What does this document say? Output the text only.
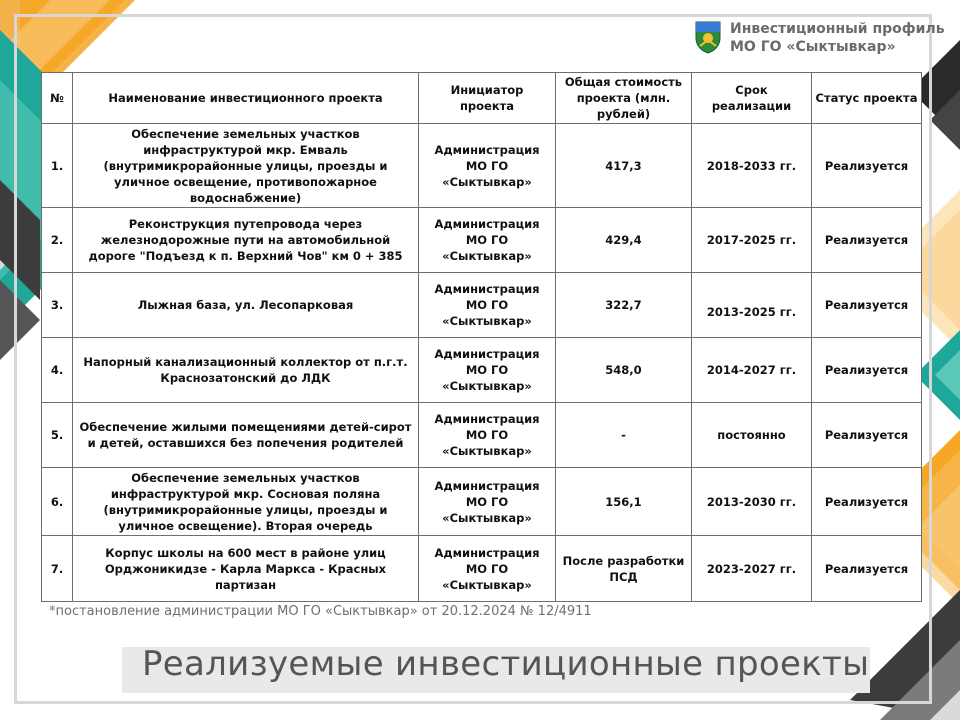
Инвестиционный профиль
МО ГО «Сыктывкар»
№	Наименование инвестиционного проекта	Инициатор проекта	Общая стоимость проекта (млн. рублей)	Срок реализации	Статус проекта
1.	Обеспечение земельных участков инфраструктурой мкр. Емваль (внутримикрорайонные улицы, проезды и уличное освещение, противопожарное водоснабжение)	Администрация МО ГО «Сыктывкар»	417,3	2018-2033 гг.	Реализуется
2.	Реконструкция путепровода через железнодорожные пути на автомобильной дороге "Подъезд к п. Верхний Чов" км 0 + 385	Администрация МО ГО «Сыктывкар»	429,4	2017-2025 гг.	Реализуется
3.	Лыжная база, ул. Лесопарковая	Администрация МО ГО «Сыктывкар»	322,7	2013-2025 гг.	Реализуется
4.	Напорный канализационный коллектор от п.г.т. Краснозатонский до ЛДК	Администрация МО ГО «Сыктывкар»	548,0	2014-2027 гг.	Реализуется
5.	Обеспечение жилыми помещениями детей-сирот и детей, оставшихся без попечения родителей	Администрация МО ГО «Сыктывкар»	-	постоянно	Реализуется
6.	Обеспечение земельных участков инфраструктурой мкр. Сосновая поляна (внутримикрорайонные улицы, проезды и уличное освещение). Вторая очередь	Администрация МО ГО «Сыктывкар»	156,1	2013-2030 гг.	Реализуется
7.	Корпус школы на 600 мест в районе улиц Орджоникидзе - Карла Маркса - Красных партизан	Администрация МО ГО «Сыктывкар»	После разработки ПСД	2023-2027 гг.	Реализуется
*постановление администрации МО ГО «Сыктывкар» от 20.12.2024 № 12/4911
Реализуемые инвестиционные проекты
